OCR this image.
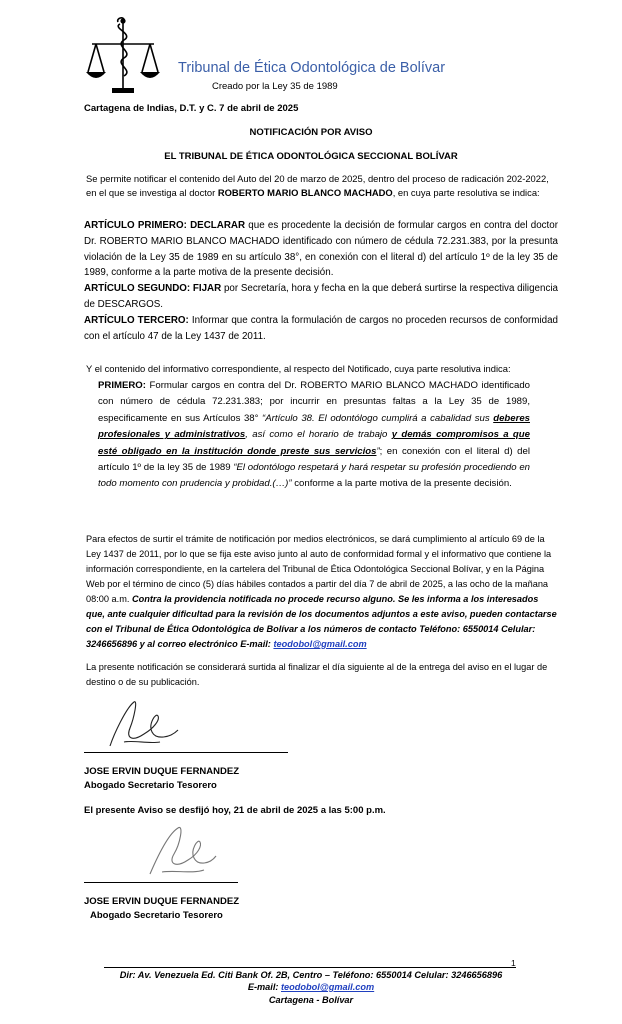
Tribunal de Ética Odontológica de Bolívar
Creado por la Ley 35 de 1989
Cartagena de Indias, D.T. y C. 7 de abril de 2025
NOTIFICACIÓN POR AVISO
EL TRIBUNAL DE ÉTICA ODONTOLÓGICA SECCIONAL BOLÍVAR
Se permite notificar el contenido del Auto del 20 de marzo de 2025, dentro del proceso de radicación 202-2022, en el que se investiga al doctor ROBERTO MARIO BLANCO MACHADO, en cuya parte resolutiva se indica:
ARTÍCULO PRIMERO: DECLARAR que es procedente la decisión de formular cargos en contra del doctor Dr. ROBERTO MARIO BLANCO MACHADO identificado con número de cédula 72.231.383, por la presunta violación de la Ley 35 de 1989 en su artículo 38°, en conexión con el literal d) del artículo 1º de la ley 35 de 1989, conforme a la parte motiva de la presente decisión.
ARTÍCULO SEGUNDO: FIJAR por Secretaría, hora y fecha en la que deberá surtirse la respectiva diligencia de DESCARGOS.
ARTÍCULO TERCERO: Informar que contra la formulación de cargos no proceden recursos de conformidad con el artículo 47 de la Ley 1437 de 2011.
Y el contenido del informativo correspondiente, al respecto del Notificado, cuya parte resolutiva indica:
PRIMERO: Formular cargos en contra del Dr. ROBERTO MARIO BLANCO MACHADO identificado con número de cédula 72.231.383; por incurrir en presuntas faltas a la Ley 35 de 1989, especificamente en sus Artículos 38° “Artículo 38. El odontólogo cumplirá a cabalidad sus deberes profesionales y administrativos, así como el horario de trabajo y demás compromisos a que esté obligado en la institución donde preste sus servicios”; en conexión con el literal d) del artículo 1º de la ley 35 de 1989 “El odontólogo respetará y hará respetar su profesión procediendo en todo momento con prudencia y probidad.(…)” conforme a la parte motiva de la presente decisión.
Para efectos de surtir el trámite de notificación por medios electrónicos, se dará cumplimiento al artículo 69 de la Ley 1437 de 2011, por lo que se fija este aviso junto al auto de conformidad formal y el informativo que contiene la información correspondiente, en la cartelera del Tribunal de Ética Odontológica Seccional Bolívar, y en la Página Web por el término de cinco (5) días hábiles contados a partir del día 7 de abril de 2025, a las ocho de la mañana 08:00 a.m. Contra la providencia notificada no procede recurso alguno. Se les informa a los interesados que, ante cualquier dificultad para la revisión de los documentos adjuntos a este aviso, pueden contactarse con el Tribunal de Ética Odontológica de Bolívar a los números de contacto Teléfono: 6550014 Celular: 3246656896 y al correo electrónico E-mail: teodobol@gmail.com
La presente notificación se considerará surtida al finalizar el día siguiente al de la entrega del aviso en el lugar de destino o de su publicación.
JOSE ERVIN DUQUE FERNANDEZ
Abogado Secretario Tesorero
El presente Aviso se desfijó hoy, 21 de abril de 2025 a las 5:00 p.m.
JOSE ERVIN DUQUE FERNANDEZ
Abogado Secretario Tesorero
1
Dir: Av. Venezuela Ed. Citi Bank Of. 2B, Centro – Teléfono: 6550014 Celular: 3246656896
E-mail: teodobol@gmail.com
Cartagena - Bolívar
